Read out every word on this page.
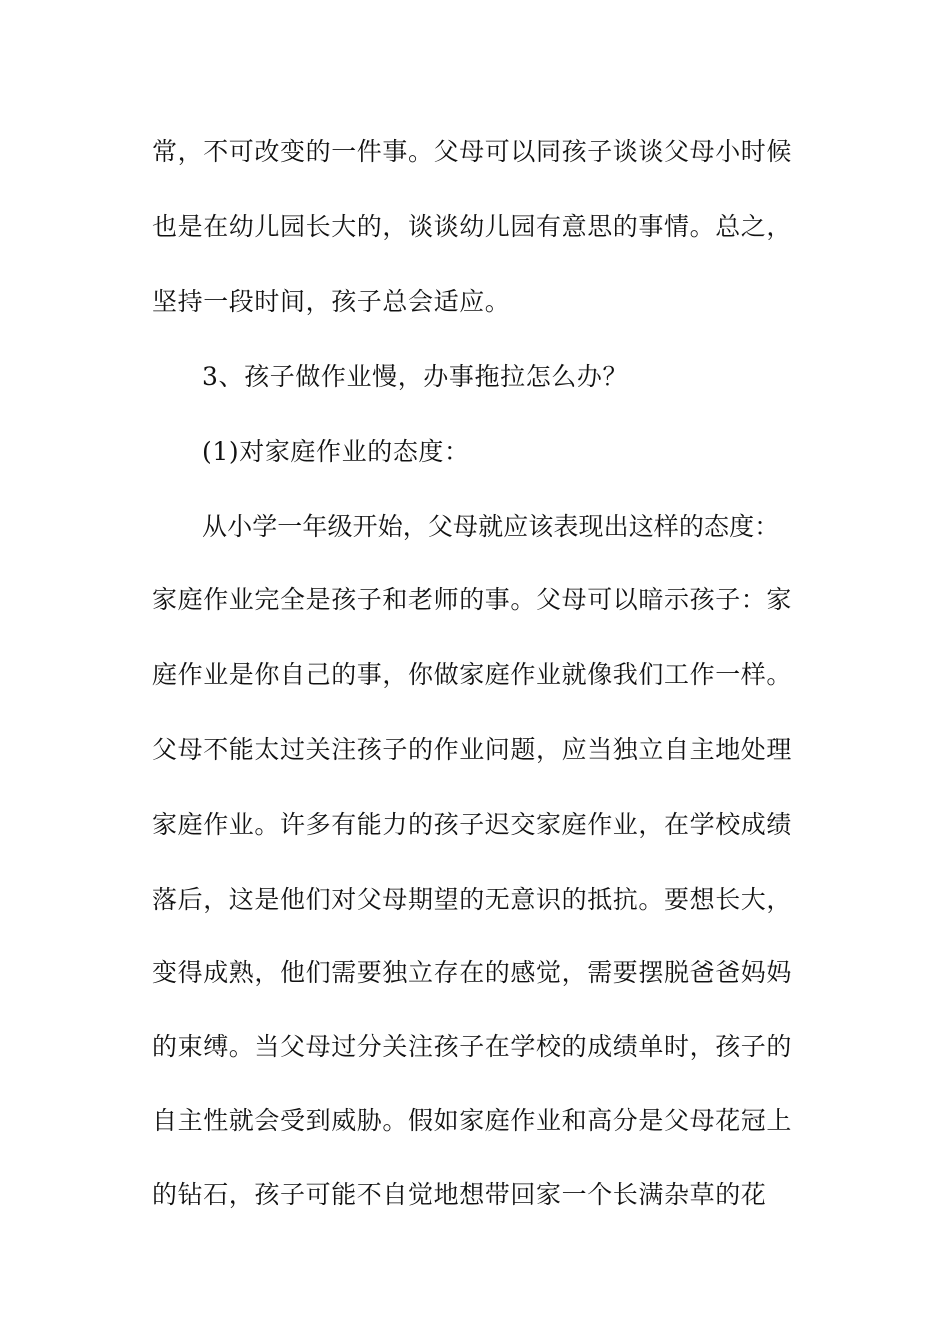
常，不可改变的一件事。父母可以同孩子谈谈父母小时候
也是在幼儿园长大的，谈谈幼儿园有意思的事情。总之，
坚持一段时间，孩子总会适应。
3、孩子做作业慢，办事拖拉怎么办？
(1)对家庭作业的态度：
从小学一年级开始，父母就应该表现出这样的态度：
家庭作业完全是孩子和老师的事。父母可以暗示孩子：家
庭作业是你自己的事，你做家庭作业就像我们工作一样。
父母不能太过关注孩子的作业问题，应当独立自主地处理
家庭作业。许多有能力的孩子迟交家庭作业，在学校成绩
落后，这是他们对父母期望的无意识的抵抗。要想长大，
变得成熟，他们需要独立存在的感觉，需要摆脱爸爸妈妈
的束缚。当父母过分关注孩子在学校的成绩单时，孩子的
自主性就会受到威胁。假如家庭作业和高分是父母花冠上
的钻石，孩子可能不自觉地想带回家一个长满杂草的花
